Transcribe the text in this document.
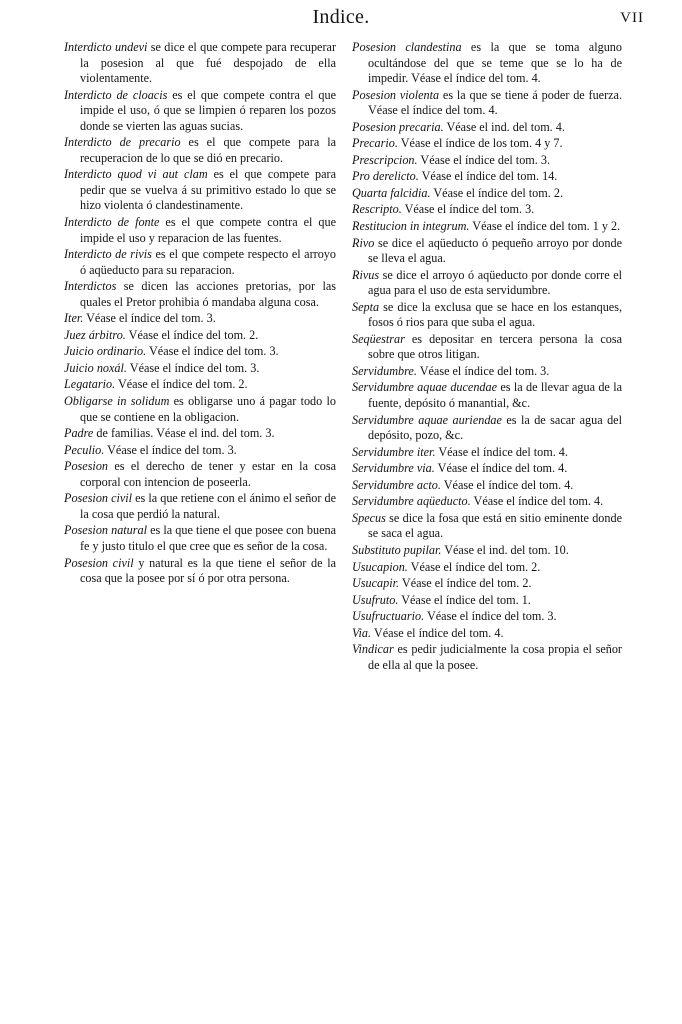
Indice.	VII
Interdicto undevi se dice el que compete para recuperar la posesion al que fué despojado de ella violentamente.
Interdicto de cloacis es el que compete contra el que impide el uso, ó que se limpien ó reparen los pozos donde se vierten las aguas sucias.
Interdicto de precario es el que compete para la recuperacion de lo que se dió en precario.
Interdicto quod vi aut clam es el que compete para pedir que se vuelva á su primitivo estado lo que se hizo violenta ó clandestinamente.
Interdicto de fonte es el que compete contra el que impide el uso y reparacion de las fuentes.
Interdicto de rivis es el que compete respecto el arroyo ó aqüeducto para su reparacion.
Interdictos se dicen las acciones pretorias, por las quales el Pretor prohibia ó mandaba alguna cosa.
Iter. Véase el índice del tom. 3.
Juez árbitro. Véase el índice del tom. 2.
Juicio ordinario. Véase el índice del tom. 3.
Juicio noxál. Véase el índice del tom. 3.
Legatario. Véase el índice del tom. 2.
Obligarse in solidum es obligarse uno á pagar todo lo que se contiene en la obligacion.
Padre de familias. Véase el ind. del tom. 3.
Peculio. Véase el índice del tom. 3.
Posesion es el derecho de tener y estar en la cosa corporal con intencion de poseerla.
Posesion civil es la que retiene con el ánimo el señor de la cosa que perdió la natural.
Posesion natural es la que tiene el que posee con buena fe y justo titulo el que cree que es señor de la cosa.
Posesion civil y natural es la que tiene el señor de la cosa que la posee por sí ó por otra persona.
Posesion clandestina es la que se toma alguno ocultándose del que se teme que se lo ha de impedir. Véase el índice del tom. 4.
Posesion violenta es la que se tiene á poder de fuerza. Véase el índice del tom. 4.
Posesion precaria. Véase el ind. del tom. 4.
Precario. Véase el índice de los tom. 4 y 7.
Prescripcion. Véase el índice del tom. 3.
Pro derelicto. Véase el índice del tom. 14.
Quarta falcidia. Véase el índice del tom. 2.
Rescripto. Véase el índice del tom. 3.
Restitucion in integrum. Véase el índice del tom. 1 y 2.
Rivo se dice el aqüeducto ó pequeño arroyo por donde se lleva el agua.
Rivus se dice el arroyo ó aqüeducto por donde corre el agua para el uso de esta servidumbre.
Septa se dice la exclusa que se hace en los estanques, fosos ó rios para que suba el agua.
Seqüestrar es depositar en tercera persona la cosa sobre que otros litigan.
Servidumbre. Véase el índice del tom. 3.
Servidumbre aquae ducendae es la de llevar agua de la fuente, depósito ó manantial, &c.
Servidumbre aquae auriendae es la de sacar agua del depósito, pozo, &c.
Servidumbre iter. Véase el índice del tom. 4.
Servidumbre via. Véase el índice del tom. 4.
Servidumbre acto. Véase el índice del tom. 4.
Servidumbre aqüeducto. Véase el índice del tom. 4.
Specus se dice la fosa que está en sitio eminente donde se saca el agua.
Substituto pupilar. Véase el ind. del tom. 10.
Usucapion. Véase el índice del tom. 2.
Usucapir. Véase el índice del tom. 2.
Usufruto. Véase el índice del tom. 1.
Usufructuario. Véase el índice del tom. 3.
Via. Véase el índice del tom. 4.
Vindicar es pedir judicialmente la cosa propia el señor de ella al que la posee.
